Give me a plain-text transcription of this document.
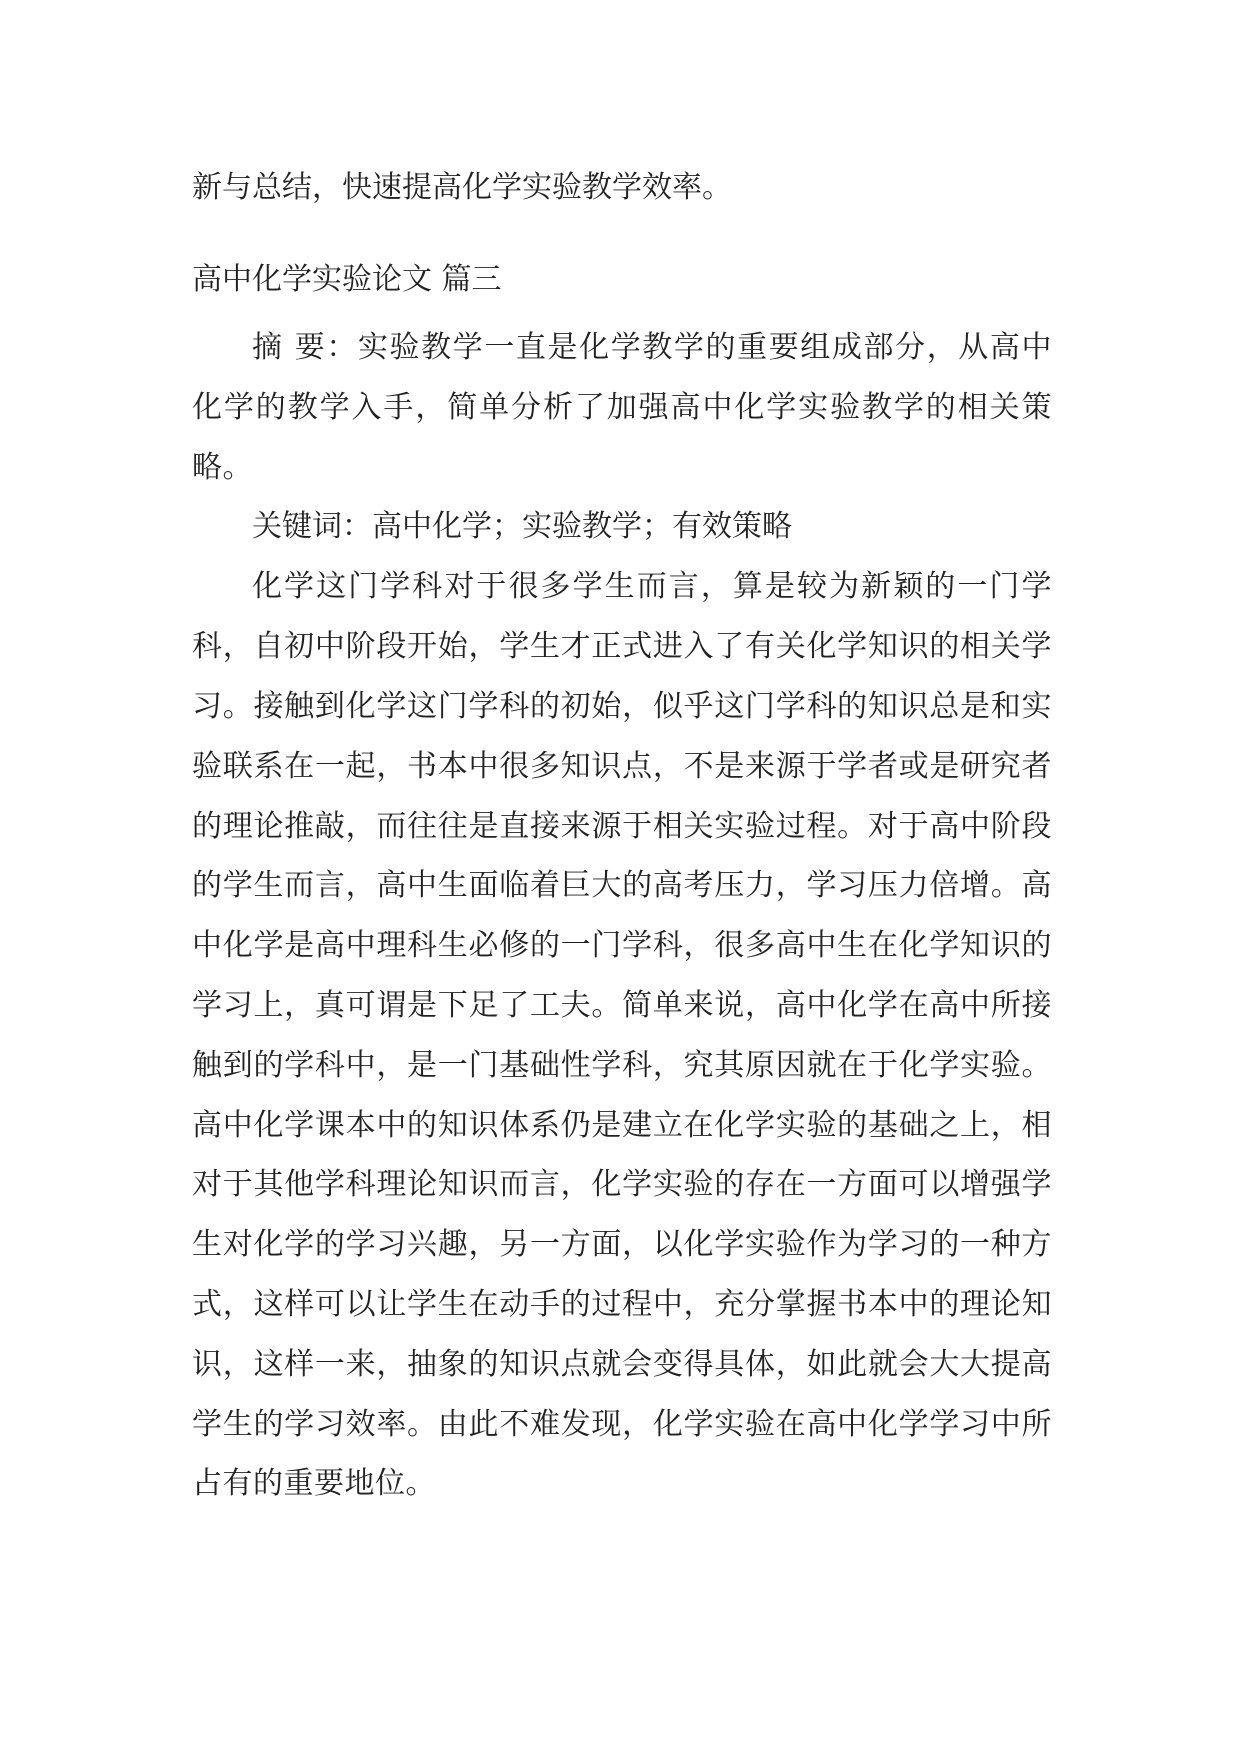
新与总结，快速提高化学实验教学效率。

高中化学实验论文 篇三

摘 要：实验教学一直是化学教学的重要组成部分，从高中化学的教学入手，简单分析了加强高中化学实验教学的相关策略。

关键词：高中化学；实验教学；有效策略

化学这门学科对于很多学生而言，算是较为新颖的一门学科，自初中阶段开始，学生才正式进入了有关化学知识的相关学习。接触到化学这门学科的初始，似乎这门学科的知识总是和实验联系在一起，书本中很多知识点，不是来源于学者或是研究者的理论推敲，而往往是直接来源于相关实验过程。对于高中阶段的学生而言，高中生面临着巨大的高考压力，学习压力倍增。高中化学是高中理科生必修的一门学科，很多高中生在化学知识的学习上，真可谓是下足了工夫。简单来说，高中化学在高中所接触到的学科中，是一门基础性学科，究其原因就在于化学实验。高中化学课本中的知识体系仍是建立在化学实验的基础之上，相对于其他学科理论知识而言，化学实验的存在一方面可以增强学生对化学的学习兴趣，另一方面，以化学实验作为学习的一种方式，这样可以让学生在动手的过程中，充分掌握书本中的理论知识，这样一来，抽象的知识点就会变得具体，如此就会大大提高学生的学习效率。由此不难发现，化学实验在高中化学学习中所占有的重要地位。
